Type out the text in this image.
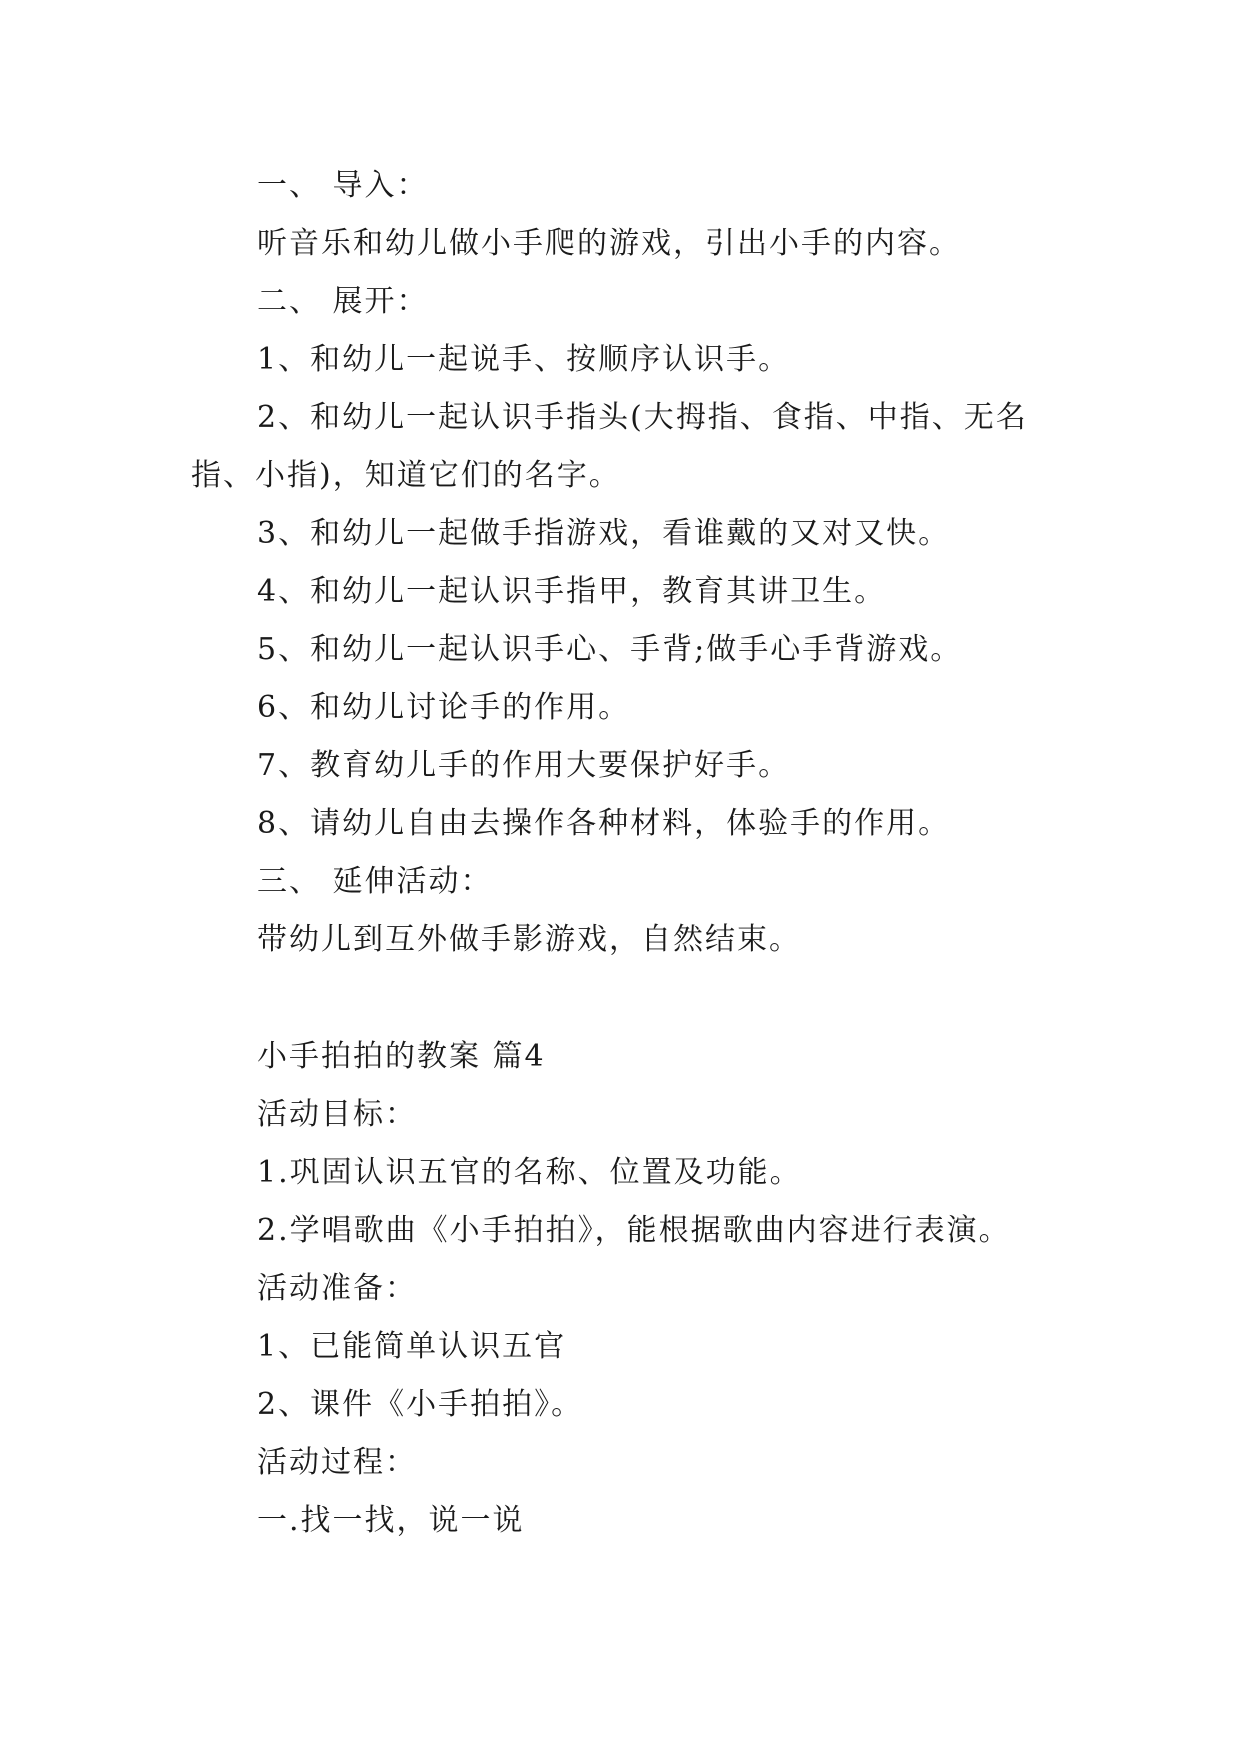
一、 导入：

听音乐和幼儿做小手爬的游戏，引出小手的内容。

二、 展开：

1、和幼儿一起说手、按顺序认识手。

2、和幼儿一起认识手指头(大拇指、食指、中指、无名

指、小指)，知道它们的名字。

3、和幼儿一起做手指游戏，看谁戴的又对又快。

4、和幼儿一起认识手指甲，教育其讲卫生。

5、和幼儿一起认识手心、手背;做手心手背游戏。

6、和幼儿讨论手的作用。

7、教育幼儿手的作用大要保护好手。

8、请幼儿自由去操作各种材料，体验手的作用。

三、 延伸活动：

带幼儿到互外做手影游戏，自然结束。

小手拍拍的教案 篇4

活动目标：

1.巩固认识五官的名称、位置及功能。

2.学唱歌曲《小手拍拍》，能根据歌曲内容进行表演。

活动准备：

1、已能简单认识五官

2、课件《小手拍拍》。

活动过程：

一.找一找，说一说
